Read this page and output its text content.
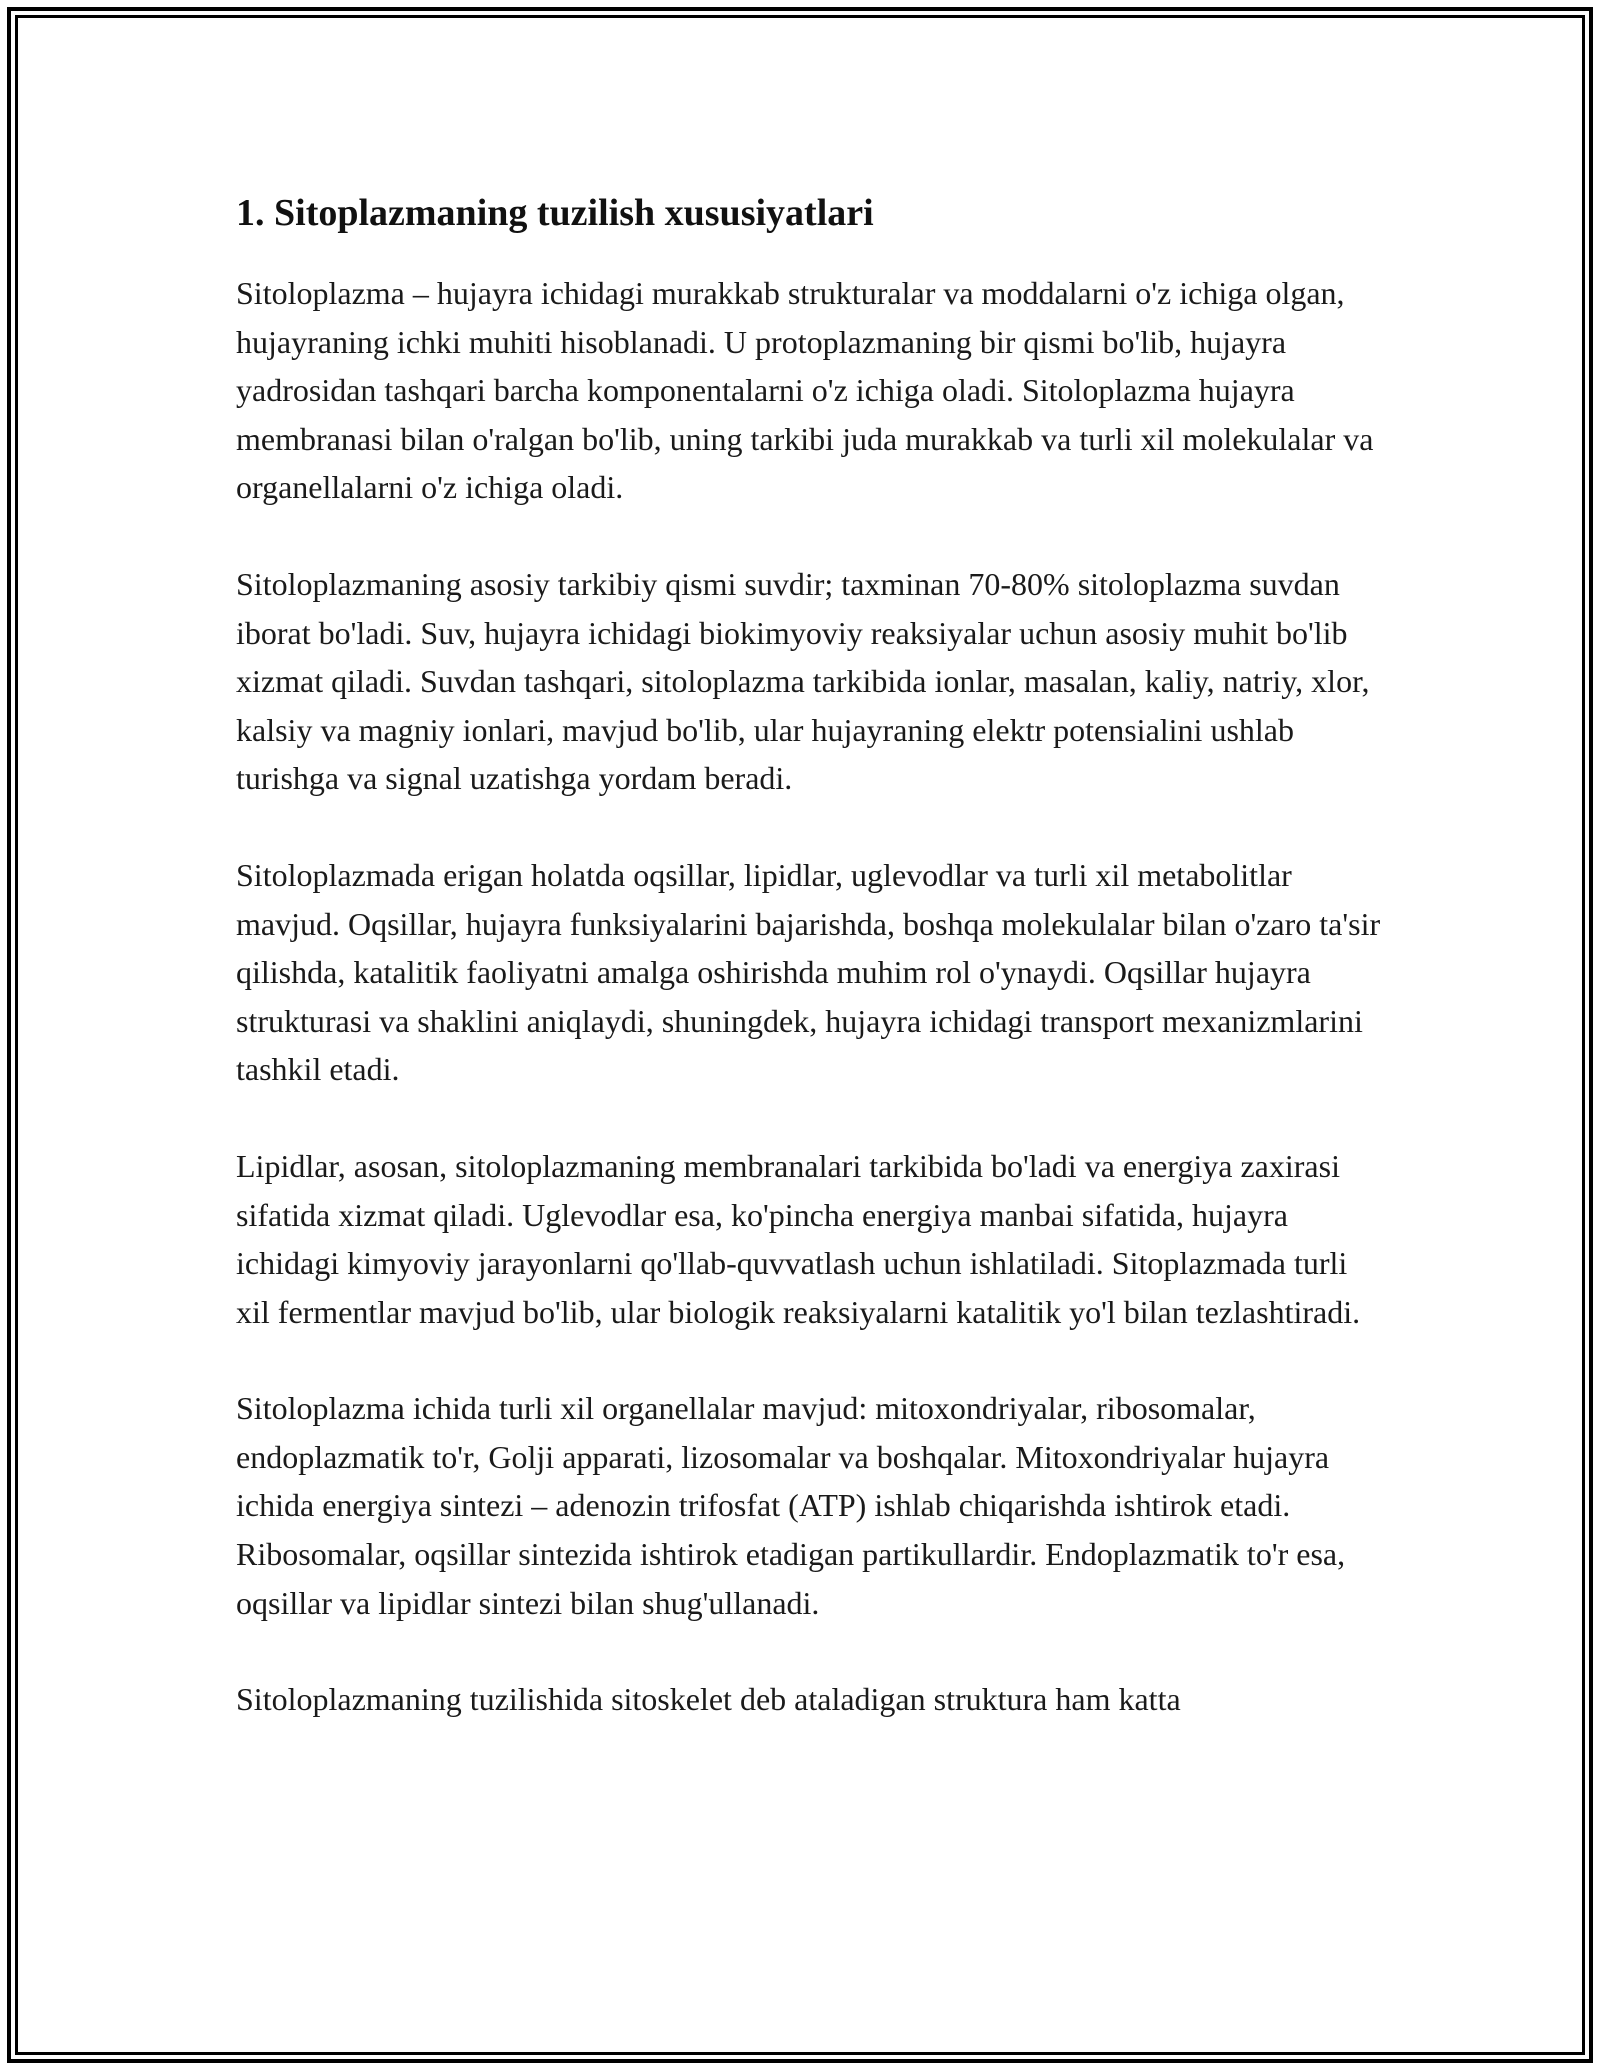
1. Sitoplazmaning tuzilish xususiyatlari

Sitoloplazma – hujayra ichidagi murakkab strukturalar va moddalarni o'z ichiga olgan, hujayraning ichki muhiti hisoblanadi. U protoplazmaning bir qismi bo'lib, hujayra yadrosidan tashqari barcha komponentalarni o'z ichiga oladi. Sitoloplazma hujayra membranasi bilan o'ralgan bo'lib, uning tarkibi juda murakkab va turli xil molekulalar va organellalarni o'z ichiga oladi.

Sitoloplazmaning asosiy tarkibiy qismi suvdir; taxminan 70-80% sitoloplazma suvdan iborat bo'ladi. Suv, hujayra ichidagi biokimyoviy reaksiyalar uchun asosiy muhit bo'lib xizmat qiladi. Suvdan tashqari, sitoloplazma tarkibida ionlar, masalan, kaliy, natriy, xlor, kalsiy va magniy ionlari, mavjud bo'lib, ular hujayraning elektr potensialini ushlab turishga va signal uzatishga yordam beradi.

Sitoloplazmada erigan holatda oqsillar, lipidlar, uglevodlar va turli xil metabolitlar mavjud. Oqsillar, hujayra funksiyalarini bajarishda, boshqa molekulalar bilan o'zaro ta'sir qilishda, katalitik faoliyatni amalga oshirishda muhim rol o'ynaydi. Oqsillar hujayra strukturasi va shaklini aniqlaydi, shuningdek, hujayra ichidagi transport mexanizmlarini tashkil etadi.

Lipidlar, asosan, sitoloplazmaning membranalari tarkibida bo'ladi va energiya zaxirasi sifatida xizmat qiladi. Uglevodlar esa, ko'pincha energiya manbai sifatida, hujayra ichidagi kimyoviy jarayonlarni qo'llab-quvvatlash uchun ishlatiladi. Sitoplazmada turli xil fermentlar mavjud bo'lib, ular biologik reaksiyalarni katalitik yo'l bilan tezlashtiradi.

Sitoloplazma ichida turli xil organellalar mavjud: mitoxondriyalar, ribosomalar, endoplazmatik to'r, Golji apparati, lizosomalar va boshqalar. Mitoxondriyalar hujayra ichida energiya sintezi – adenozin trifosfat (ATP) ishlab chiqarishda ishtirok etadi. Ribosomalar, oqsillar sintezida ishtirok etadigan partikullardir. Endoplazmatik to'r esa, oqsillar va lipidlar sintezi bilan shug'ullanadi.

Sitoloplazmaning tuzilishida sitoskelet deb ataladigan struktura ham katta
